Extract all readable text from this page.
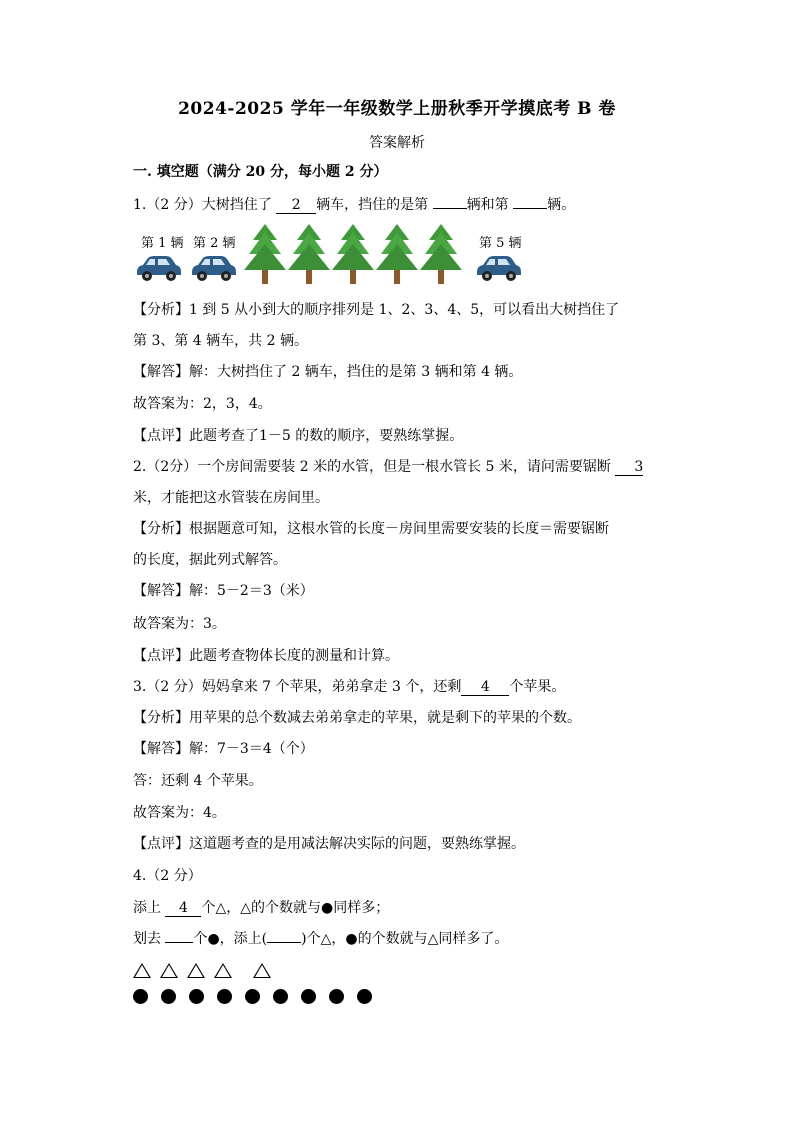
2024-2025 学年一年级数学上册秋季开学摸底考 B 卷
答案解析
一. 填空题（满分 20 分，每小题 2 分）
1.（2 分）大树挡住了 2 辆车，挡住的是第 辆和第 辆。
第 1 辆 第 2 辆	第 5 辆
【分析】1 到 5 从小到大的顺序排列是 1、2、3、4、5，可以看出大树挡住了
第 3、第 4 辆车，共 2 辆。
【解答】解：大树挡住了 2 辆车，挡住的是第 3 辆和第 4 辆。
故答案为：2，3，4。
【点评】此题考查了1－5 的数的顺序，要熟练掌握。
2.（2分）一个房间需要装 2 米的水管，但是一根水管长 5 米，请问需要锯断 3
米，才能把这水管装在房间里。
【分析】根据题意可知，这根水管的长度－房间里需要安装的长度＝需要锯断
的长度，据此列式解答。
【解答】解：5－2＝3（米）
故答案为：3。
【点评】此题考查物体长度的测量和计算。
3.（2 分）妈妈拿来 7 个苹果，弟弟拿走 3 个，还剩 4 个苹果。
【分析】用苹果的总个数减去弟弟拿走的苹果，就是剩下的苹果的个数。
【解答】解：7－3＝4（个）
答：还剩 4 个苹果。
故答案为：4。
【点评】这道题考查的是用减法解决实际的问题，要熟练掌握。
4.（2 分）
添上 4 个△，△的个数就与●同样多；
划去 个●，添上( )个△，●的个数就与△同样多了。
